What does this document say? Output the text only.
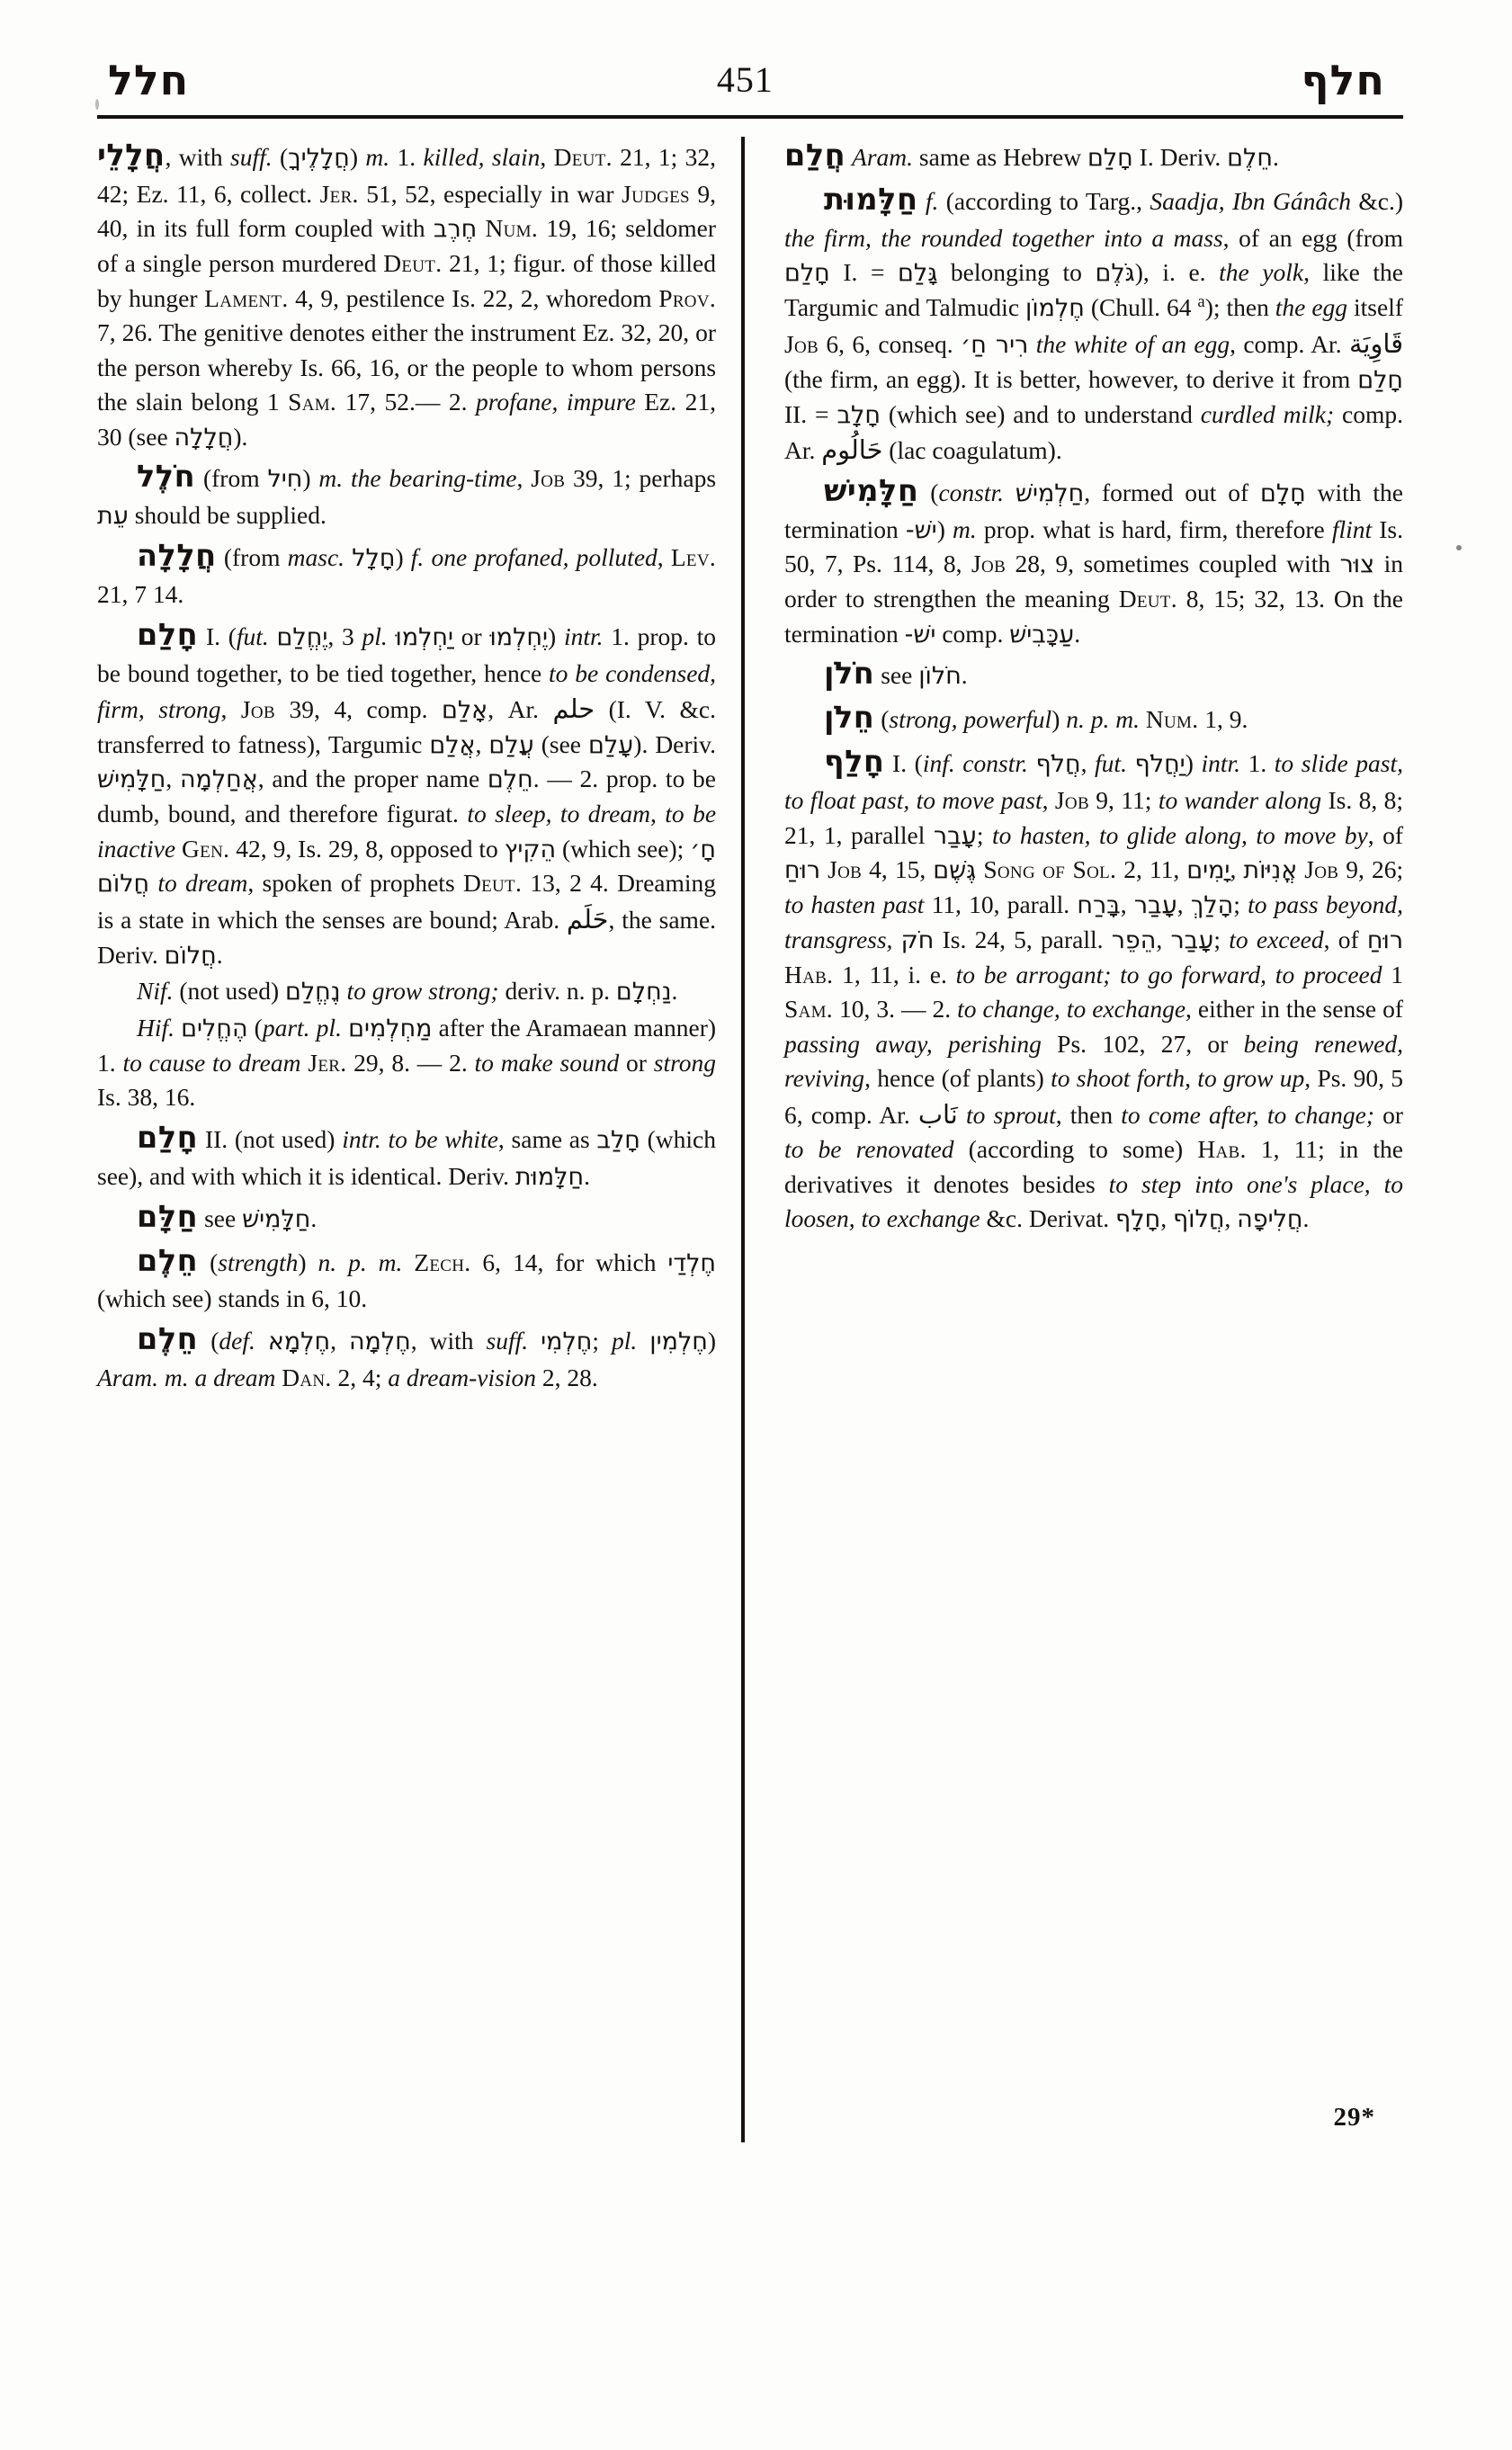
חלל	451	חלף

חֲלָלֵי, with suff. (חֲלָלֶיךָ) m. 1. killed, slain, Deut. 21, 1; 32, 42; Ez. 11, 6, collect. Jer. 51, 52, especially in war Judges 9, 40, in its full form coupled with חֶרֶב Num. 19, 16; seldomer of a single person murdered Deut. 21, 1; figur. of those killed by hunger Lament. 4, 9, pestilence Is. 22, 2, whoredom Prov. 7, 26. The genitive denotes either the instrument Ez. 32, 20, or the person whereby Is. 66, 16, or the people to whom persons the slain belong 1 Sam. 17, 52.— 2. profane, impure Ez. 21, 30 (see חֲלָלָה).

חֹלֶל (from חִיל) m. the bearing-time, Job 39, 1; perhaps עֵת should be supplied.

חֲלָלָה (from masc. חָלָל) f. one profaned, polluted, Lev. 21, 7 14.

חָלַם I. (fut. יֶחֱלַם, 3 pl. יַחְלְמוּ or יֶחְלְמוּ) intr. 1. prop. to be bound together, to be tied together, hence to be condensed, firm, strong, Job 39, 4, comp. אָלַם, Ar. حلم (I. V. &c. transferred to fatness), Targumic אֲלַם, עֲלַם (see עָלַם). Deriv. חַלָּמִישׁ, אֲחַלְמָה, and the proper name חֵלֶם. — 2. prop. to be dumb, bound, and therefore figurat. to sleep, to dream, to be inactive Gen. 42, 9, Is. 29, 8, opposed to הֵקִיץ (which see); חָ׳ חֲלוֹם to dream, spoken of prophets Deut. 13, 2 4. Dreaming is a state in which the senses are bound; Arab. حَلَم, the same. Deriv. חֲלוֹם.

Nif. (not used) נֶחֱלַם to grow strong; deriv. n. p. נַחְלָם.

Hif. הֶחֱלִים (part. pl. מַחְלְמִים after the Aramaean manner) 1. to cause to dream Jer. 29, 8. — 2. to make sound or strong Is. 38, 16.

חָלַם II. (not used) intr. to be white, same as חָלַב (which see), and with which it is identical. Deriv. חַלָּמוּת.

חַלָּם see חַלָּמִישׁ.

חֵלֶם (strength) n. p. m. Zech. 6, 14, for which חֶלְדַי (which see) stands in 6, 10.

חֵלֶם (def. חֶלְמָא, חֶלְמָה, with suff. חֶלְמִי; pl. חֶלְמִין) Aram. m. a dream Dan. 2, 4; a dream-vision 2, 28.

חֲלַם Aram. same as Hebrew חָלַם I. Deriv. חֵלֶם.

חַלָּמוּת f. (according to Targ., Saadja, Ibn Gánâch &c.) the firm, the rounded together into a mass, of an egg (from חָלַם I. = גָּלַם belonging to גֹּלֶם), i. e. the yolk, like the Targumic and Talmudic חֶלְמוֹן (Chull. 64 $^a$); then the egg itself Job 6, 6, conseq. רִיר חַ׳ the white of an egg, comp. Ar. قَاوِيَة (the firm, an egg). It is better, however, to derive it from חָלַם II. = חָלָב (which see) and to understand curdled milk; comp. Ar. حَالُوم (lac coagulatum).

חַלָּמִישׁ (constr. חַלְמִישׁ, formed out of חָלָם with the termination ישׁ‑) m. prop. what is hard, firm, therefore flint Is. 50, 7, Ps. 114, 8, Job 28, 9, sometimes coupled with צוּר in order to strengthen the meaning Deut. 8, 15; 32, 13. On the termination ישׁ‑ comp. עַכָּבִישׁ.

חֹלֹן see חֹלוֹן.

חֵלֹן (strong, powerful) n. p. m. Num. 1, 9.

חָלַף I. (inf. constr. חֲלֹף, fut. יַחֲלֹף) intr. 1. to slide past, to float past, to move past, Job 9, 11; to wander along Is. 8, 8; 21, 1, parallel עָבַר; to hasten, to glide along, to move by, of רוּחַ Job 4, 15, גֶּשֶׁם Song of Sol. 2, 11, יָמִים, אֳנִיּוֹת Job 9, 26; to hasten past 11, 10, parall. בָּרַח, עָבַר, הָלַךְ; to pass beyond, transgress, חֹק Is. 24, 5, parall. הֵפֵר, עָבַר; to exceed, of רוּחַ Hab. 1, 11, i. e. to be arrogant; to go forward, to proceed 1 Sam. 10, 3. — 2. to change, to exchange, either in the sense of passing away, perishing Ps. 102, 27, or being renewed, reviving, hence (of plants) to shoot forth, to grow up, Ps. 90, 5 6, comp. Ar. نَاب to sprout, then to come after, to change; or to be renovated (according to some) Hab. 1, 11; in the derivatives it denotes besides to step into one's place, to loosen, to exchange &c. Derivat. חָלָף, חֲלוֹף, חֲלִיפָה.

29*
